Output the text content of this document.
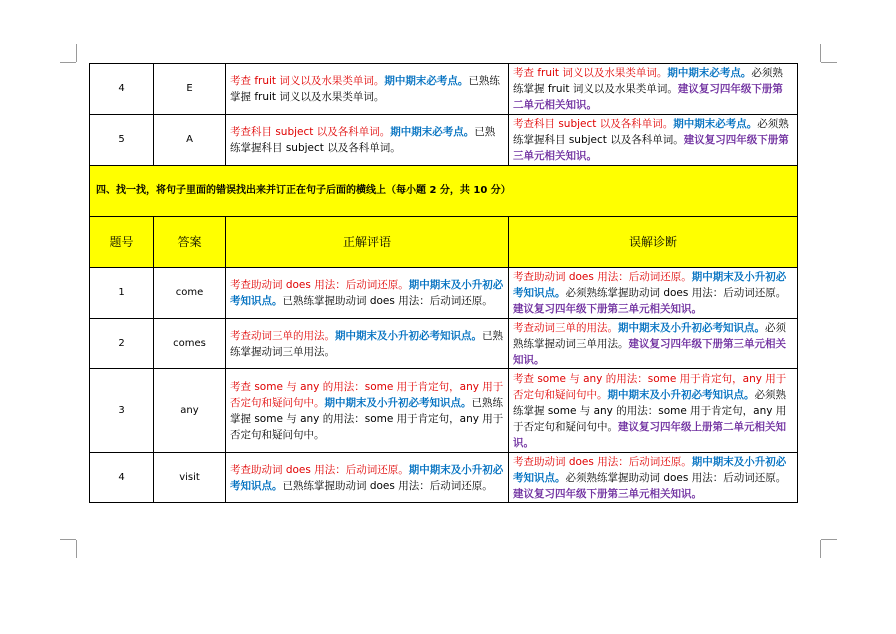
4	E	考查 fruit 词义以及水果类单词。期中期末必考点。已熟练掌握 fruit 词义以及水果类单词。	考查 fruit 词义以及水果类单词。期中期末必考点。必须熟练掌握 fruit 词义以及水果类单词。建议复习四年级下册第二单元相关知识。
5	A	考查科目 subject 以及各科单词。期中期末必考点。已熟练掌握科目 subject 以及各科单词。	考查科目 subject 以及各科单词。期中期末必考点。必须熟练掌握科目 subject 以及各科单词。建议复习四年级下册第三单元相关知识。
四、找一找，将句子里面的错误找出来并订正在句子后面的横线上（每小题 2 分，共 10 分）			
题号	答案	正解评语	误解诊断
1	come	考查助动词 does 用法：后动词还原。期中期末及小升初必考知识点。已熟练掌握助动词 does 用法：后动词还原。	考查助动词 does 用法：后动词还原。期中期末及小升初必考知识点。必须熟练掌握助动词 does 用法：后动词还原。建议复习四年级下册第三单元相关知识。
2	comes	考查动词三单的用法。期中期末及小升初必考知识点。已熟练掌握动词三单用法。	考查动词三单的用法。期中期末及小升初必考知识点。必须熟练掌握动词三单用法。建议复习四年级下册第三单元相关知识。
3	any	考查 some 与 any 的用法：some 用于肯定句，any 用于否定句和疑问句中。期中期末及小升初必考知识点。已熟练掌握 some 与 any 的用法：some 用于肯定句，any 用于否定句和疑问句中。	考查 some 与 any 的用法：some 用于肯定句，any 用于否定句和疑问句中。期中期末及小升初必考知识点。必须熟练掌握 some 与 any 的用法：some 用于肯定句，any 用于否定句和疑问句中。建议复习四年级上册第二单元相关知识。
4	visit	考查助动词 does 用法：后动词还原。期中期末及小升初必考知识点。已熟练掌握助动词 does 用法：后动词还原。	考查助动词 does 用法：后动词还原。期中期末及小升初必考知识点。必须熟练掌握助动词 does 用法：后动词还原。建议复习四年级下册第三单元相关知识。
